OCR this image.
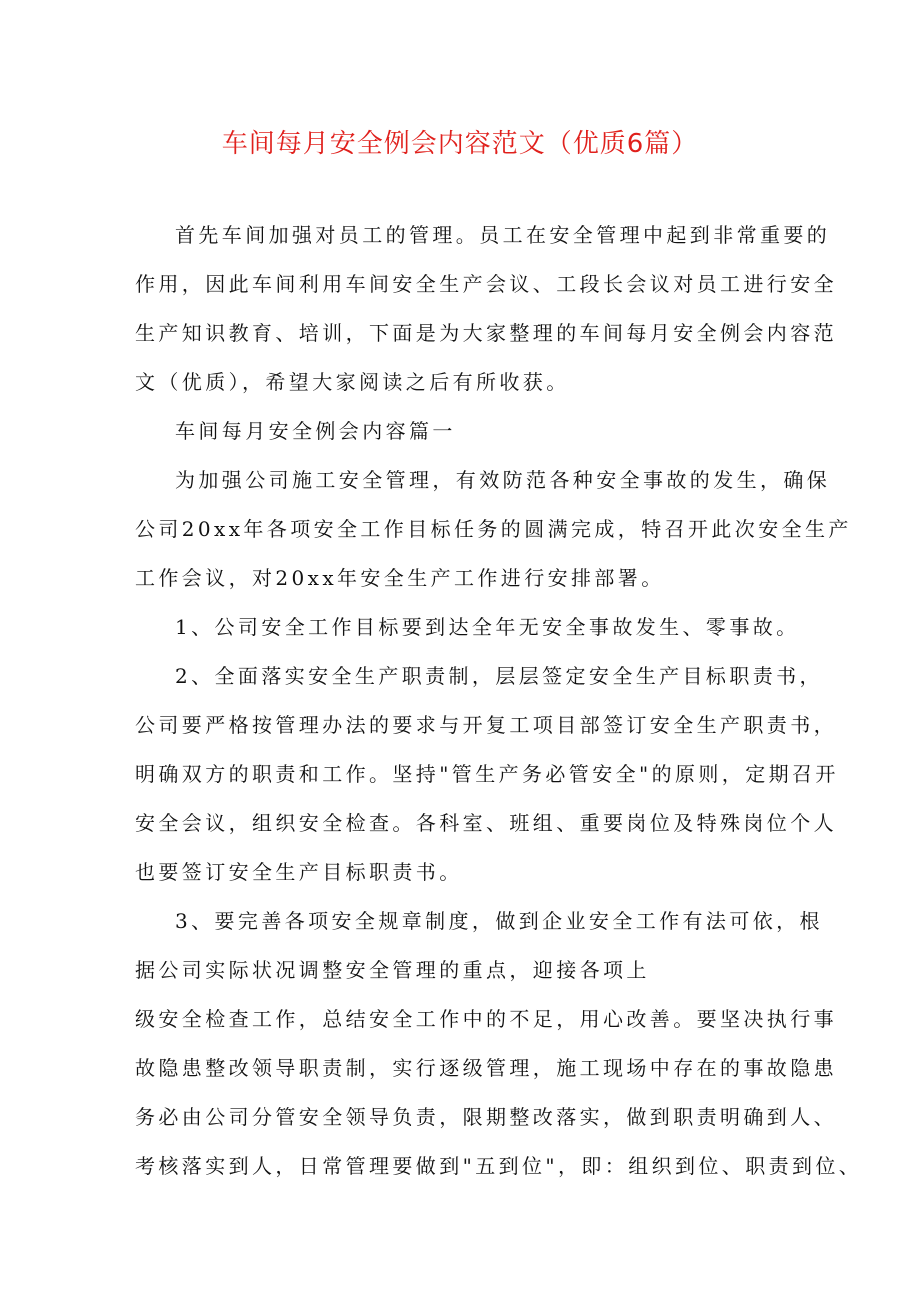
车间每月安全例会内容范文（优质6篇）
首先车间加强对员工的管理。员工在安全管理中起到非常重要的
作用，因此车间利用车间安全生产会议、工段长会议对员工进行安全
生产知识教育、培训，下面是为大家整理的车间每月安全例会内容范
文（优质），希望大家阅读之后有所收获。
车间每月安全例会内容篇一
为加强公司施工安全管理，有效防范各种安全事故的发生，确保
公司20xx年各项安全工作目标任务的圆满完成，特召开此次安全生产
工作会议，对20xx年安全生产工作进行安排部署。
1、公司安全工作目标要到达全年无安全事故发生、零事故。
2、全面落实安全生产职责制，层层签定安全生产目标职责书，
公司要严格按管理办法的要求与开复工项目部签订安全生产职责书，
明确双方的职责和工作。坚持"管生产务必管安全"的原则，定期召开
安全会议，组织安全检查。各科室、班组、重要岗位及特殊岗位个人
也要签订安全生产目标职责书。
3、要完善各项安全规章制度，做到企业安全工作有法可依，根
据公司实际状况调整安全管理的重点，迎接各项上
级安全检查工作，总结安全工作中的不足，用心改善。要坚决执行事
故隐患整改领导职责制，实行逐级管理，施工现场中存在的事故隐患
务必由公司分管安全领导负责，限期整改落实，做到职责明确到人、
考核落实到人，日常管理要做到"五到位"，即：组织到位、职责到位、
